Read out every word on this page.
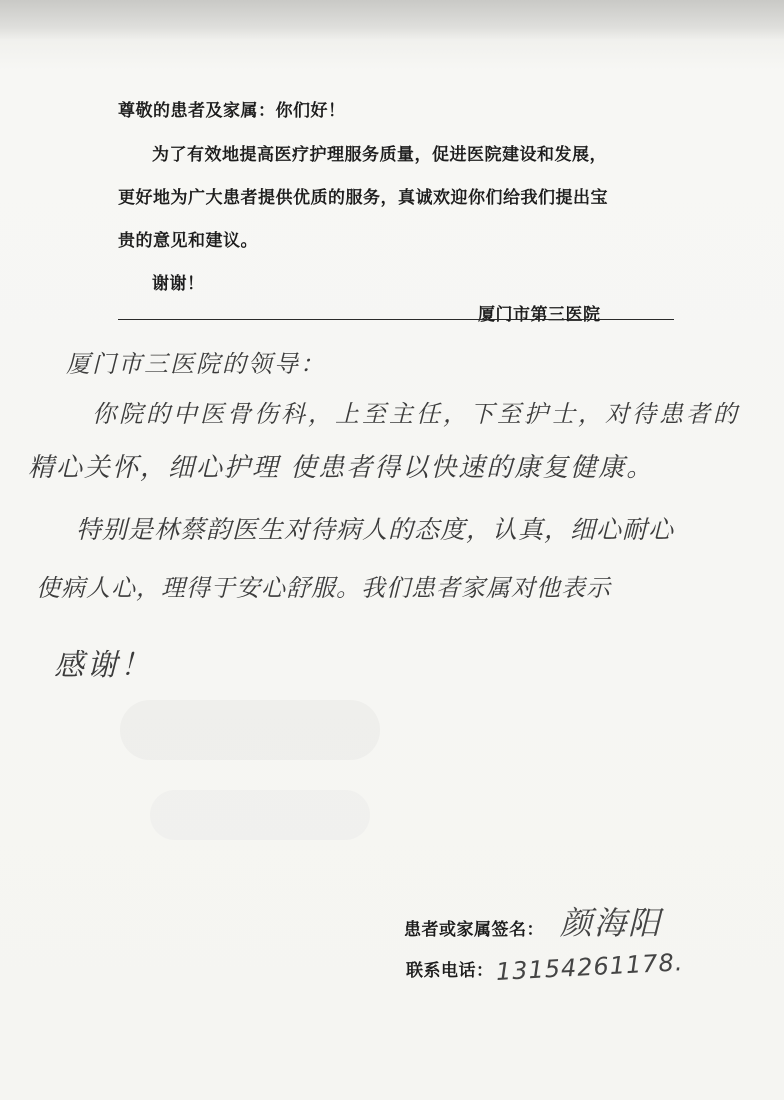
尊敬的患者及家属：你们好！
为了有效地提高医疗护理服务质量，促进医院建设和发展，
更好地为广大患者提供优质的服务，真诚欢迎你们给我们提出宝
贵的意见和建议。
谢谢！
厦门市第三医院
厦门市三医院的领导：
你院的中医骨伤科，上至主任，下至护士，对待患者的
精心关怀，细心护理 使患者得以快速的康复健康。
特别是林蔡韵医生对待病人的态度，认真，细心耐心
使病人心，理得于安心舒服。我们患者家属对他表示
感谢！
患者或家属签名： 颜海阳
联系电话： 13154261178.
